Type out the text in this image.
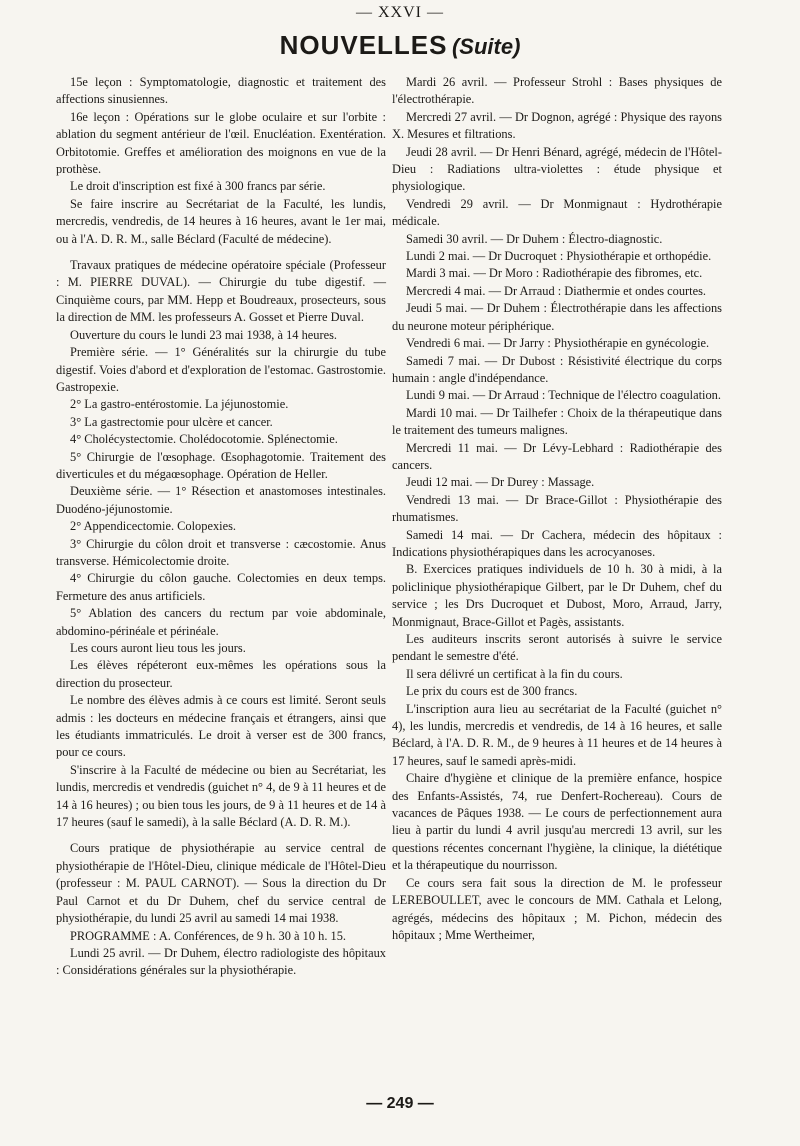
— XXVI —
NOUVELLES (Suite)

15e leçon : Symptomatologie, diagnostic et traitement des affections sinusiennes.

16e leçon : Opérations sur le globe oculaire et sur l'orbite : ablation du segment antérieur de l'œil. Enucléation. Exentération. Orbitotomie. Greffes et amélioration des moignons en vue de la prothèse.

Le droit d'inscription est fixé à 300 francs par série.

Se faire inscrire au Secrétariat de la Faculté, les lundis, mercredis, vendredis, de 14 heures à 16 heures, avant le 1er mai, ou à l'A. D. R. M., salle Béclard (Faculté de médecine).

Travaux pratiques de médecine opératoire spéciale (Professeur : M. PIERRE DUVAL). — Chirurgie du tube digestif. — Cinquième cours, par MM. Hepp et Boudreaux, prosecteurs, sous la direction de MM. les professeurs A. Gosset et Pierre Duval.

Ouverture du cours le lundi 23 mai 1938, à 14 heures.

Première série. — 1° Généralités sur la chirurgie du tube digestif. Voies d'abord et d'exploration de l'estomac. Gastrostomie. Gastropexie.

2° La gastro-entérostomie. La jéjunostomie.

3° La gastrectomie pour ulcère et cancer.

4° Cholécystectomie. Cholédocotomie. Splénectomie.

5° Chirurgie de l'œsophage. Œsophagotomie. Traitement des diverticules et du mégaœsophage. Opération de Heller.

Deuxième série. — 1° Résection et anastomoses intestinales. Duodéno-jéjunostomie.

2° Appendicectomie. Colopexies.

3° Chirurgie du côlon droit et transverse : cæcostomie. Anus transverse. Hémicolectomie droite.

4° Chirurgie du côlon gauche. Colectomies en deux temps. Fermeture des anus artificiels.

5° Ablation des cancers du rectum par voie abdominale, abdomino-périnéale et périnéale.

Les cours auront lieu tous les jours.

Les élèves répéteront eux-mêmes les opérations sous la direction du prosecteur.

Le nombre des élèves admis à ce cours est limité. Seront seuls admis : les docteurs en médecine français et étrangers, ainsi que les étudiants immatriculés. Le droit à verser est de 300 francs, pour ce cours.

S'inscrire à la Faculté de médecine ou bien au Secrétariat, les lundis, mercredis et vendredis (guichet n° 4, de 9 à 11 heures et de 14 à 16 heures) ; ou bien tous les jours, de 9 à 11 heures et de 14 à 17 heures (sauf le samedi), à la salle Béclard (A. D. R. M.).

Cours pratique de physiothérapie au service central de physiothérapie de l'Hôtel-Dieu, clinique médicale de l'Hôtel-Dieu (professeur : M. PAUL CARNOT). — Sous la direction du Dr Paul Carnot et du Dr Duhem, chef du service central de physiothérapie, du lundi 25 avril au samedi 14 mai 1938.

PROGRAMME : A. Conférences, de 9 h. 30 à 10 h. 15.

Lundi 25 avril. — Dr Duhem, électro radiologiste des hôpitaux : Considérations générales sur la physiothérapie.

Mardi 26 avril. — Professeur Strohl : Bases physiques de l'électrothérapie.

Mercredi 27 avril. — Dr Dognon, agrégé : Physique des rayons X. Mesures et filtrations.

Jeudi 28 avril. — Dr Henri Bénard, agrégé, médecin de l'Hôtel-Dieu : Radiations ultra-violettes : étude physique et physiologique.

Vendredi 29 avril. — Dr Monmignaut : Hydrothérapie médicale.

Samedi 30 avril. — Dr Duhem : Électro-diagnostic.

Lundi 2 mai. — Dr Ducroquet : Physiothérapie et orthopédie.

Mardi 3 mai. — Dr Moro : Radiothérapie des fibromes, etc.

Mercredi 4 mai. — Dr Arraud : Diathermie et ondes courtes.

Jeudi 5 mai. — Dr Duhem : Électrothérapie dans les affections du neurone moteur périphérique.

Vendredi 6 mai. — Dr Jarry : Physiothérapie en gynécologie.

Samedi 7 mai. — Dr Dubost : Résistivité électrique du corps humain : angle d'indépendance.

Lundi 9 mai. — Dr Arraud : Technique de l'électro coagulation.

Mardi 10 mai. — Dr Tailhefer : Choix de la thérapeutique dans le traitement des tumeurs malignes.

Mercredi 11 mai. — Dr Lévy-Lebhard : Radiothérapie des cancers.

Jeudi 12 mai. — Dr Durey : Massage.

Vendredi 13 mai. — Dr Brace-Gillot : Physiothérapie des rhumatismes.

Samedi 14 mai. — Dr Cachera, médecin des hôpitaux : Indications physiothérapiques dans les acrocyanoses.

B. Exercices pratiques individuels de 10 h. 30 à midi, à la policlinique physiothérapique Gilbert, par le Dr Duhem, chef du service ; les Drs Ducroquet et Dubost, Moro, Arraud, Jarry, Monmignaut, Brace-Gillot et Pagès, assistants.

Les auditeurs inscrits seront autorisés à suivre le service pendant le semestre d'été.

Il sera délivré un certificat à la fin du cours.

Le prix du cours est de 300 francs.

L'inscription aura lieu au secrétariat de la Faculté (guichet n° 4), les lundis, mercredis et vendredis, de 14 à 16 heures, et salle Béclard, à l'A. D. R. M., de 9 heures à 11 heures et de 14 heures à 17 heures, sauf le samedi après-midi.

Chaire d'hygiène et clinique de la première enfance, hospice des Enfants-Assistés, 74, rue Denfert-Rochereau). Cours de vacances de Pâques 1938. — Le cours de perfectionnement aura lieu à partir du lundi 4 avril jusqu'au mercredi 13 avril, sur les questions récentes concernant l'hygiène, la clinique, la diététique et la thérapeutique du nourrisson.

Ce cours sera fait sous la direction de M. le professeur LEREBOULLET, avec le concours de MM. Cathala et Lelong, agrégés, médecins des hôpitaux ; M. Pichon, médecin des hôpitaux ; Mme Wertheimer,

— 249 —
